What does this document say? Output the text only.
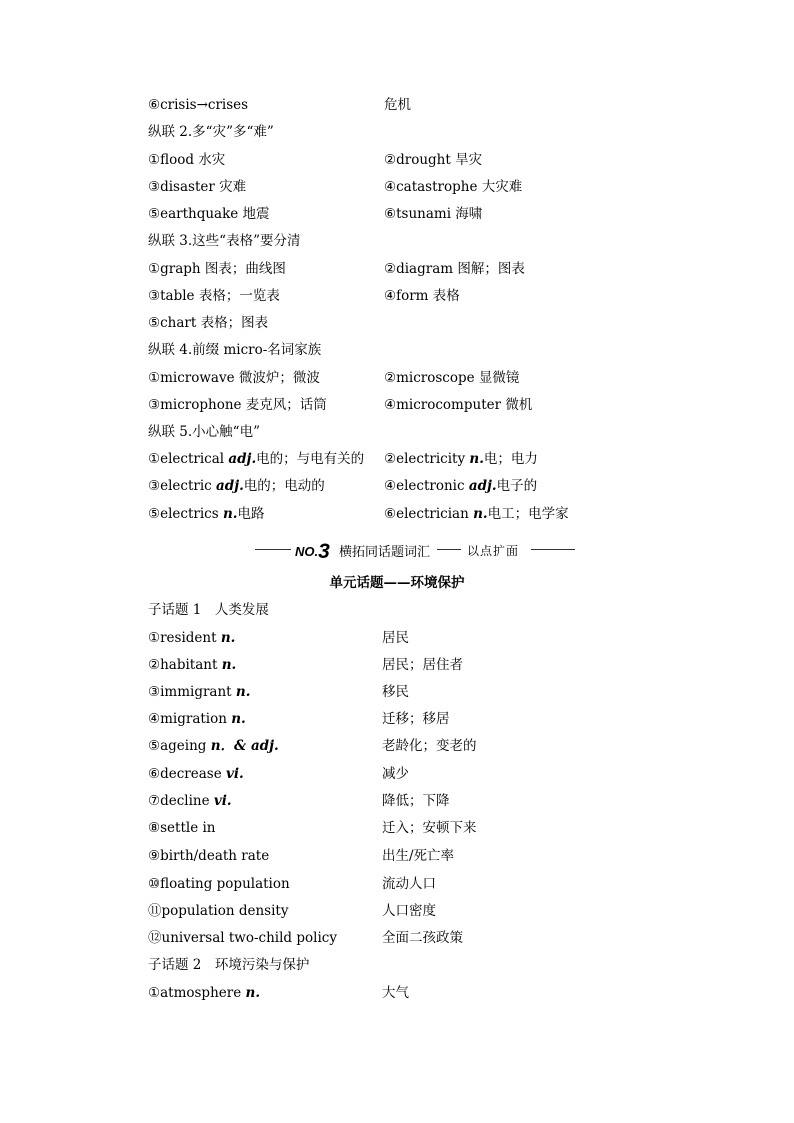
⑥crisis→crises	危机
纵联 2.多“灾”多“难”
①flood 水灾	②drought 旱灾
③disaster 灾难	④catastrophe 大灾难
⑤earthquake 地震	⑥tsunami 海啸
纵联 3.这些“表格”要分清
①graph 图表；曲线图	②diagram 图解；图表
③table 表格；一览表	④form 表格
⑤chart 表格；图表
纵联 4.前缀 micro-名词家族
①microwave 微波炉；微波	②microscope 显微镜
③microphone 麦克风；话筒	④microcomputer 微机
纵联 5.小心触“电”
①electrical adj.电的；与电有关的 ②electricity n.电；电力
③electric adj.电的；电动的	④electronic adj.电子的
⑤electrics n.电路	⑥electrician n.电工；电学家
NO.3 横拓同话题词汇	以点扩面
单元话题——环境保护
子话题 1　人类发展
①resident n.	居民
②habitant n.	居民；居住者
③immigrant n.	移民
④migration n.	迁移；移居
⑤ageing n．& adj.	老龄化；变老的
⑥decrease vi.	减少
⑦decline vi.	降低；下降
⑧settle in	迁入；安顿下来
⑨birth/death rate	出生/死亡率
⑩floating population	流动人口
⑪population density	人口密度
⑫universal two-child policy	全面二孩政策
子话题 2　环境污染与保护
①atmosphere n.	大气
